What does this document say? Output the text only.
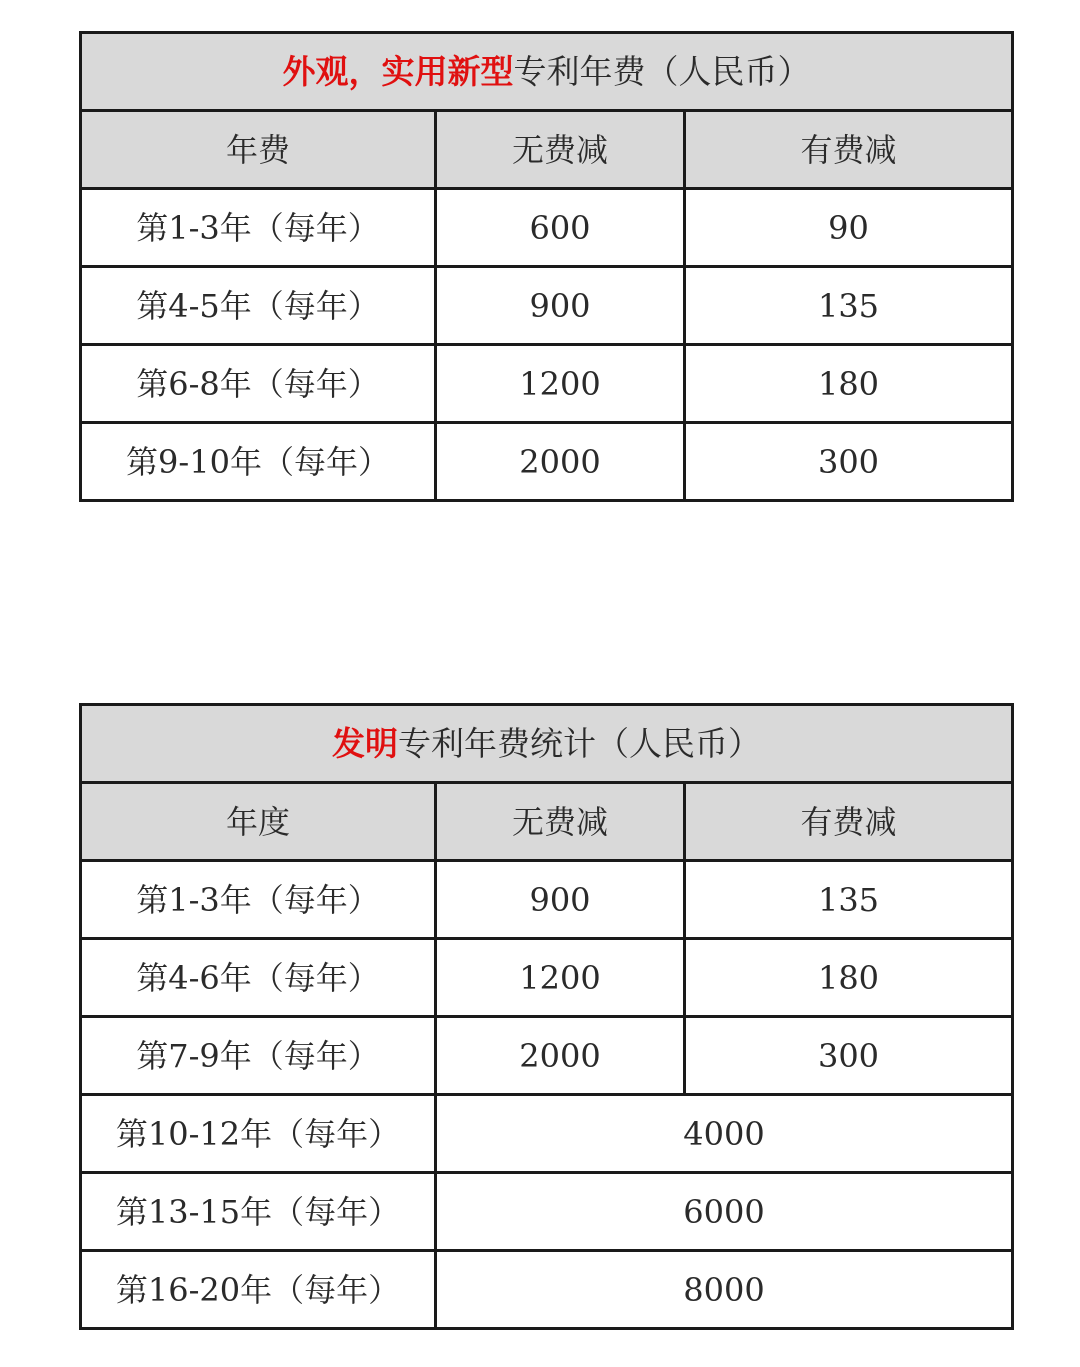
外观，实用新型专利年费（人民币）		
年费	无费减	有费减
第1-3年（每年）	600	90
第4-5年（每年）	900	135
第6-8年（每年）	1200	180
第9-10年（每年）	2000	300
发明专利年费统计（人民币）		
年度	无费减	有费减
第1-3年（每年）	900	135
第4-6年（每年）	1200	180
第7-9年（每年）	2000	300
第10-12年（每年）	4000	
第13-15年（每年）	6000	
第16-20年（每年）	8000	
